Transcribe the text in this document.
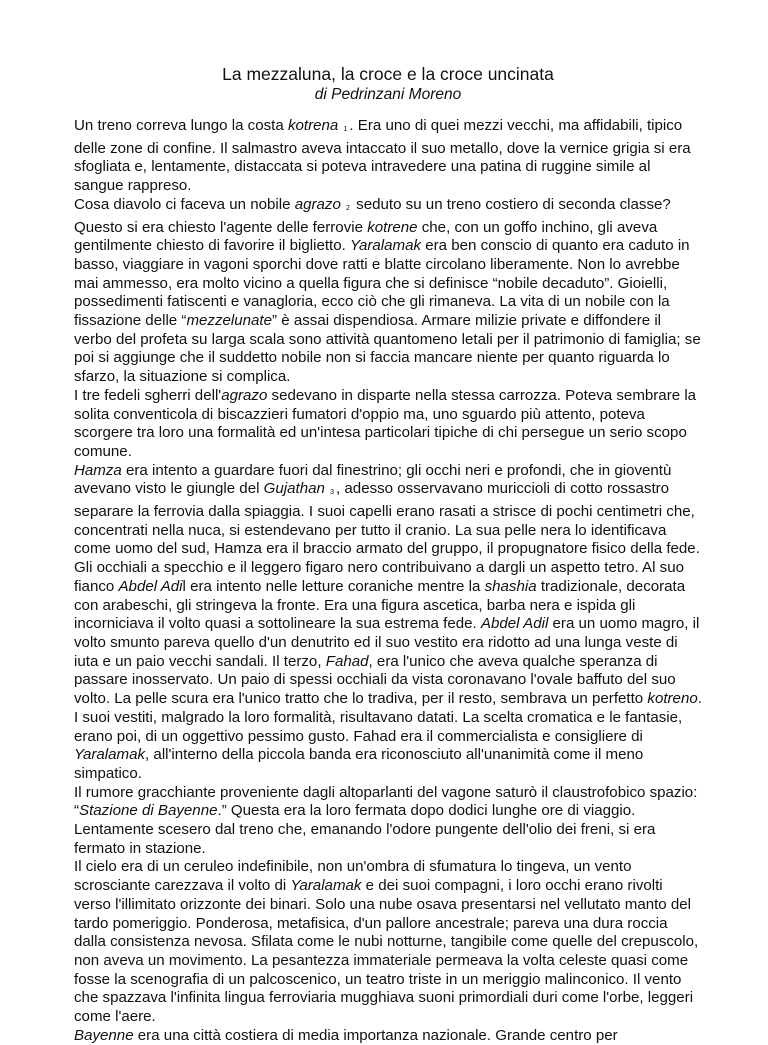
La mezzaluna, la croce e la croce uncinata
di Pedrinzani Moreno

Un treno correva lungo la costa kotrena 1 . Era uno di quei mezzi vecchi, ma affidabili, tipico delle zone di confine. Il salmastro aveva intaccato il suo metallo, dove la vernice grigia si era sfogliata e, lentamente, distaccata si poteva intravedere una patina di ruggine simile al sangue rappreso.

Cosa diavolo ci faceva un nobile agrazo 2 seduto su un treno costiero di seconda classe? Questo si era chiesto l'agente delle ferrovie kotrene che, con un goffo inchino, gli aveva gentilmente chiesto di favorire il biglietto. Yaralamak era ben conscio di quanto era caduto in basso, viaggiare in vagoni sporchi dove ratti e blatte circolano liberamente. Non lo avrebbe mai ammesso, era molto vicino a quella figura che si definisce “nobile decaduto”. Gioielli, possedimenti fatiscenti e vanagloria, ecco ciò che gli rimaneva. La vita di un nobile con la fissazione delle “mezzelunate” è assai dispendiosa. Armare milizie private e diffondere il verbo del profeta su larga scala sono attività quantomeno letali per il patrimonio di famiglia; se poi si aggiunge che il suddetto nobile non si faccia mancare niente per quanto riguarda lo sfarzo, la situazione si complica.

I tre fedeli sgherri dell'agrazo sedevano in disparte nella stessa carrozza. Poteva sembrare la solita conventicola di biscazzieri fumatori d'oppio ma, uno sguardo più attento, poteva scorgere tra loro una formalità ed un'intesa particolari tipiche di chi persegue un serio scopo comune.

Hamza era intento a guardare fuori dal finestrino; gli occhi neri e profondi, che in gioventù avevano visto le giungle del Gujathan 3 , adesso osservavano muriccioli di cotto rossastro separare la ferrovia dalla spiaggia. I suoi capelli erano rasati a strisce di pochi centimetri che, concentrati nella nuca, si estendevano per tutto il cranio. La sua pelle nera lo identificava come uomo del sud, Hamza era il braccio armato del gruppo, il propugnatore fisico della fede. Gli occhiali a specchio e il leggero figaro nero contribuivano a dargli un aspetto tetro. Al suo fianco Abdel Adil era intento nelle letture coraniche mentre la shashia tradizionale, decorata con arabeschi, gli stringeva la fronte. Era una figura ascetica, barba nera e ispida gli incorniciava il volto quasi a sottolineare la sua estrema fede. Abdel Adil era un uomo magro, il volto smunto pareva quello d'un denutrito ed il suo vestito era ridotto ad una lunga veste di iuta e un paio vecchi sandali. Il terzo, Fahad, era l'unico che aveva qualche speranza di passare inosservato. Un paio di spessi occhiali da vista coronavano l'ovale baffuto del suo volto. La pelle scura era l'unico tratto che lo tradiva, per il resto, sembrava un perfetto kotreno. I suoi vestiti, malgrado la loro formalità, risultavano datati. La scelta cromatica e le fantasie, erano poi, di un oggettivo pessimo gusto. Fahad era il commercialista e consigliere di Yaralamak, all'interno della piccola banda era riconosciuto all'unanimità come il meno simpatico.

Il rumore gracchiante proveniente dagli altoparlanti del vagone saturò il claustrofobico spazio: “Stazione di Bayenne.” Questa era la loro fermata dopo dodici lunghe ore di viaggio. Lentamente scesero dal treno che, emanando l'odore pungente dell'olio dei freni, si era fermato in stazione.

Il cielo era di un ceruleo indefinibile, non un'ombra di sfumatura lo tingeva, un vento scrosciante carezzava il volto di Yaralamak e dei suoi compagni, i loro occhi erano rivolti verso l'illimitato orizzonte dei binari. Solo una nube osava presentarsi nel vellutato manto del tardo pomeriggio. Ponderosa, metafisica, d'un pallore ancestrale; pareva una dura roccia dalla consistenza nevosa. Sfilata come le nubi notturne, tangibile come quelle del crepuscolo, non aveva un movimento. La pesantezza immateriale permeava la volta celeste quasi come fosse la scenografia di un palcoscenico, un teatro triste in un meriggio malinconico. Il vento che spazzava l'infinita lingua ferroviaria mugghiava suoni primordiali duri come l'orbe, leggeri come l'aere.

Bayenne era una città costiera di media importanza nazionale. Grande centro per
